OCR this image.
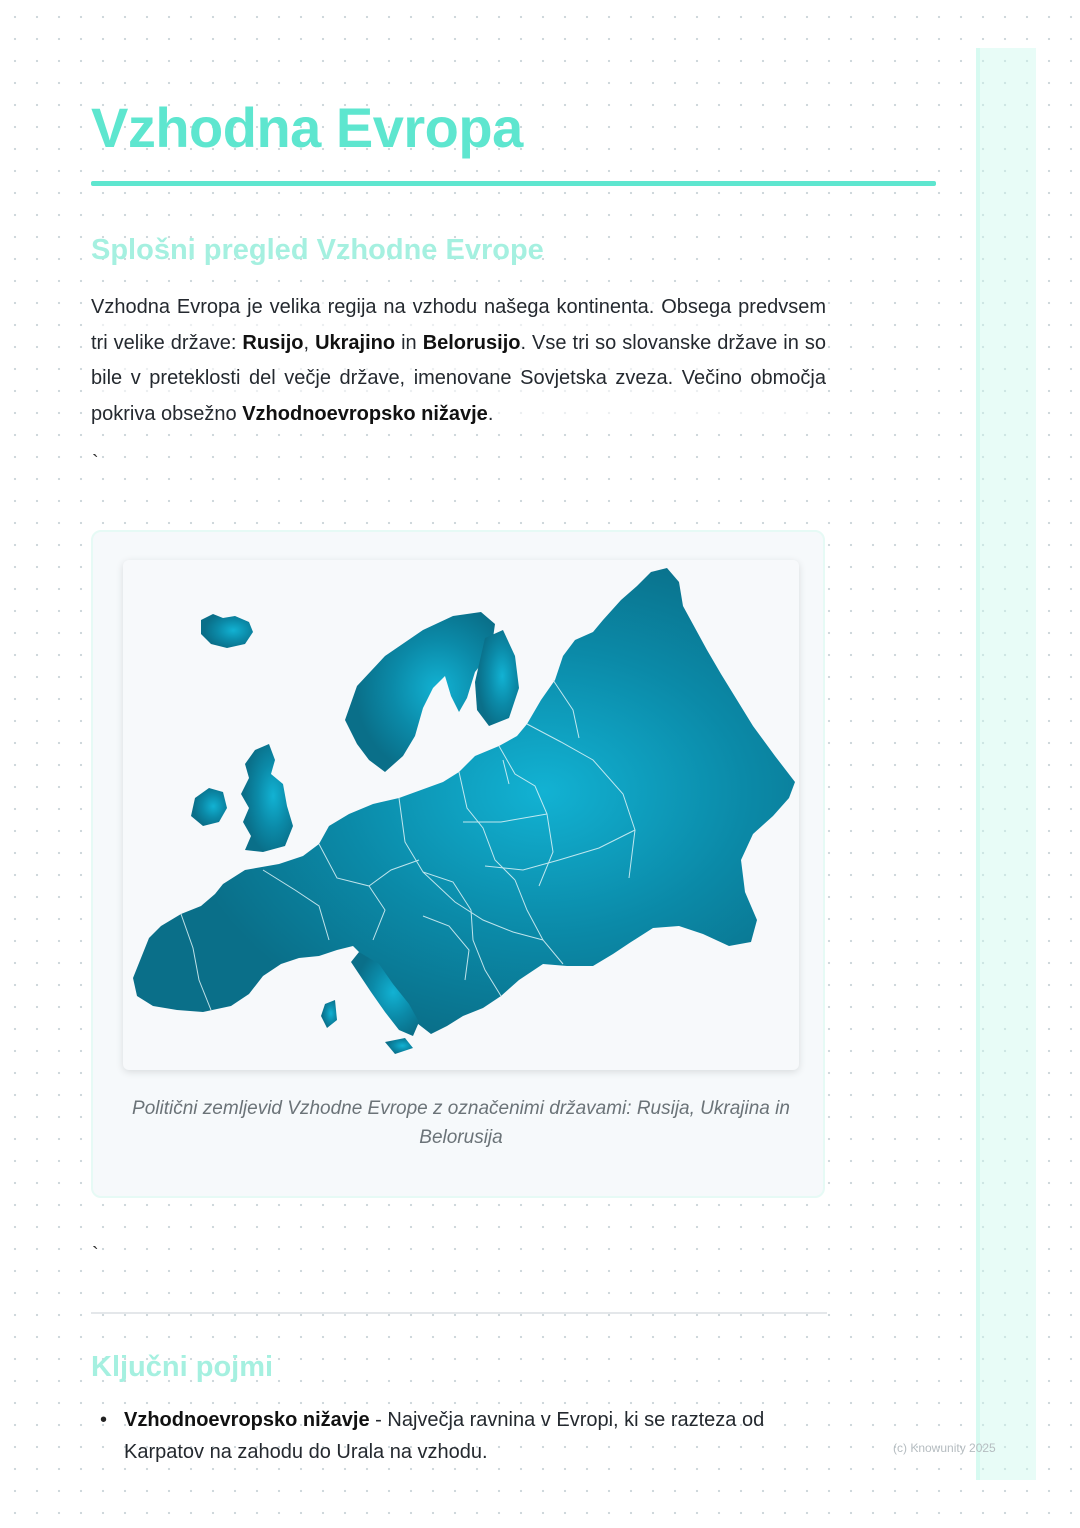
Vzhodna Evropa
Splošni pregled Vzhodne Evrope

Vzhodna Evropa je velika regija na vzhodu našega kontinenta. Obsega predvsem tri velike države: Rusijo, Ukrajino in Belorusijo. Vse tri so slovanske države in so bile v preteklosti del večje države, imenovane Sovjetska zveza. Večino območja pokriva obsežno Vzhodnoevropsko nižavje.

`

Politični zemljevid Vzhodne Evrope z označenimi državami: Rusija, Ukrajina in Belorusija

`
Ključni pojmi
• Vzhodnoevropsko nižavje - Največja ravnina v Evropi, ki se razteza od Karpatov na zahodu do Urala na vzhodu.	(c) Knowunity 2025
